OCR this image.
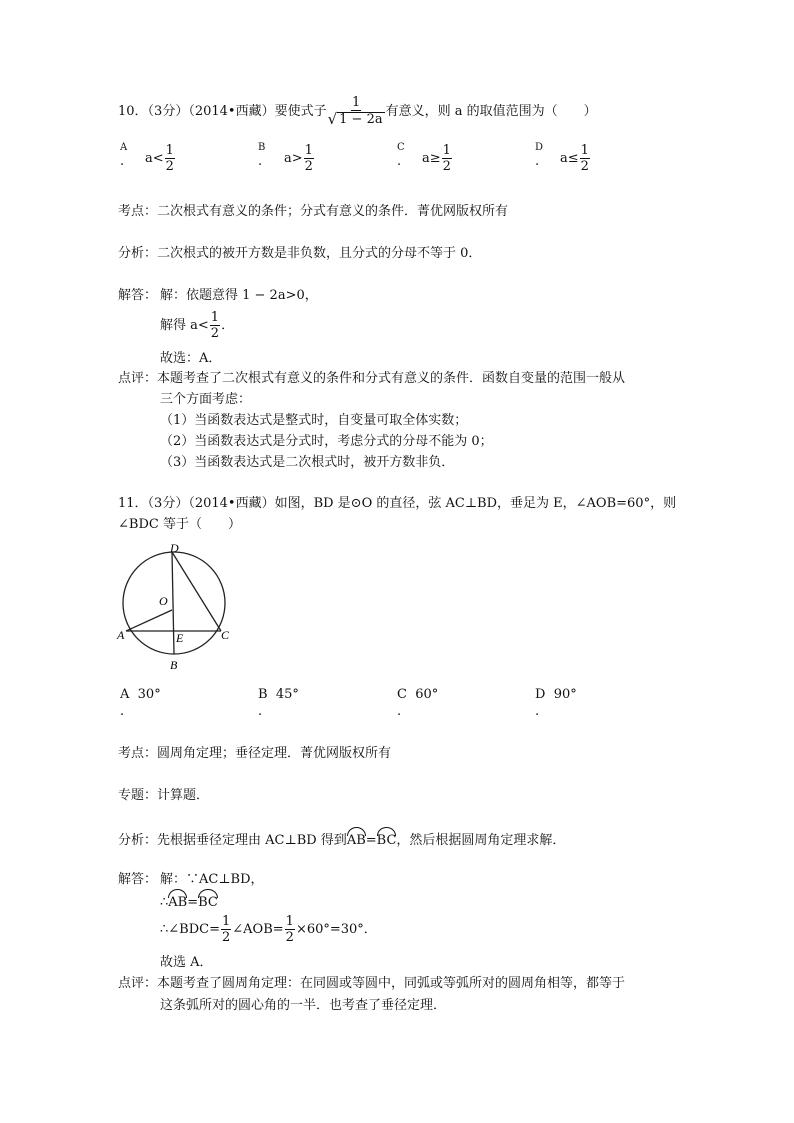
10．（3分）（2014•西藏）要使式子 $\frac{1}{√ 1 - 2a}$ 有意义，则 a 的取值范围为（　　）
A
. $a< \frac{1}{2}$	B
. $a> \frac{1}{2}$	C
. $a\ge \frac{1}{2}$	D
. $a\le \frac{1}{2}$
考点：二次根式有意义的条件；分式有意义的条件．菁优网版权所有
分析：二次根式的被开方数是非负数，且分式的分母不等于 0．
解答： 解：依题意得 1 − 2a>0，
解得 $a< \frac{1}{2}$ ．
故选：A．
点评：本题考查了二次根式有意义的条件和分式有意义的条件．函数自变量的范围一般从
三个方面考虑：
（1）当函数表达式是整式时，自变量可取全体实数；
（2）当函数表达式是分式时，考虑分式的分母不能为 0；
（3）当函数表达式是二次根式时，被开方数非负．
11．（3分）（2014•西藏）如图，BD 是⊙O 的直径，弦 AC⊥BD，垂足为 E，∠AOB=60°，则
∠BDC 等于（　　）
D
O
A	E	C
B
A 30°
.
B 45°
.
C 60°
.
D 90°
.
考点：圆周角定理；垂径定理．菁优网版权所有
专题：计算题．
分析：先根据垂径定理由 AC⊥BD 得到AB=BC，然后根据圆周角定理求解．
解答： 解：∵AC⊥BD，
∴AB=BC
∴∠BDC= $\frac{1}{2}$ ∠AOB= $\frac{1}{2} \times 60^\circ=30^\circ$．
故选 A．
点评：本题考查了圆周角定理：在同圆或等圆中，同弧或等弧所对的圆周角相等，都等于
这条弧所对的圆心角的一半．也考查了垂径定理．
